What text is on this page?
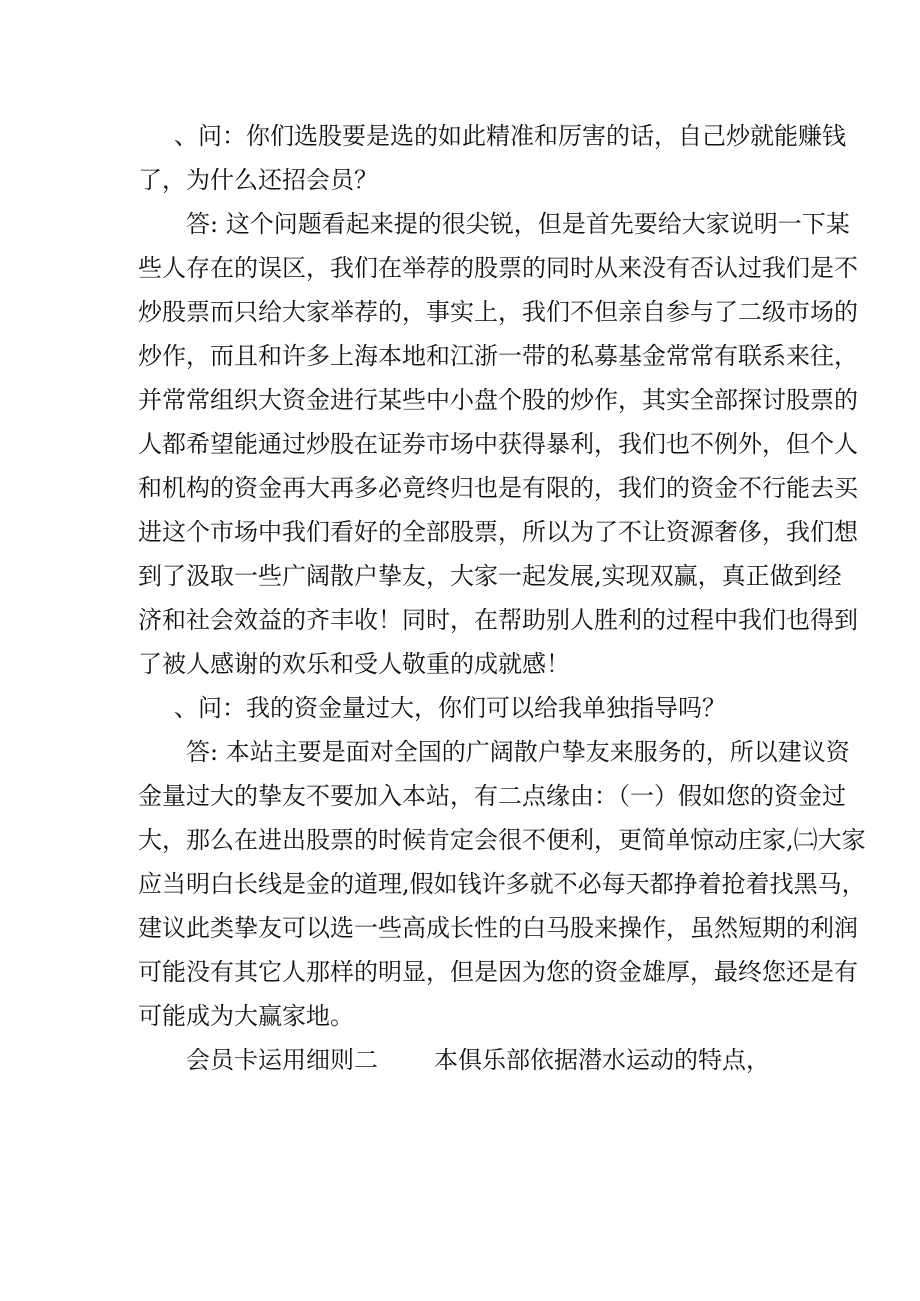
、问：你们选股要是选的如此精准和厉害的话，自己炒就能赚钱
了，为什么还招会员？
答: 这个问题看起来提的很尖锐，但是首先要给大家说明一下某
些人存在的误区，我们在举荐的股票的同时从来没有否认过我们是不
炒股票而只给大家举荐的，事实上，我们不但亲自参与了二级市场的
炒作，而且和许多上海本地和江浙一带的私募基金常常有联系来往，
并常常组织大资金进行某些中小盘个股的炒作，其实全部探讨股票的
人都希望能通过炒股在证券市场中获得暴利，我们也不例外，但个人
和机构的资金再大再多必竟终归也是有限的，我们的资金不行能去买
进这个市场中我们看好的全部股票，所以为了不让资源奢侈，我们想
到了汲取一些广阔散户挚友，大家一起发展,实现双赢，真正做到经
济和社会效益的齐丰收！同时，在帮助别人胜利的过程中我们也得到
了被人感谢的欢乐和受人敬重的成就感！
、问：我的资金量过大，你们可以给我单独指导吗？
答: 本站主要是面对全国的广阔散户挚友来服务的，所以建议资
金量过大的挚友不要加入本站，有二点缘由：（一）假如您的资金过
大，那么在进出股票的时候肯定会很不便利，更简单惊动庄家,㈡大家
应当明白长线是金的道理,假如钱许多就不必每天都挣着抢着找黑马，
建议此类挚友可以选一些高成长性的白马股来操作，虽然短期的利润
可能没有其它人那样的明显，但是因为您的资金雄厚，最终您还是有
可能成为大赢家地。
会员卡运用细则二 本俱乐部依据潜水运动的特点，
